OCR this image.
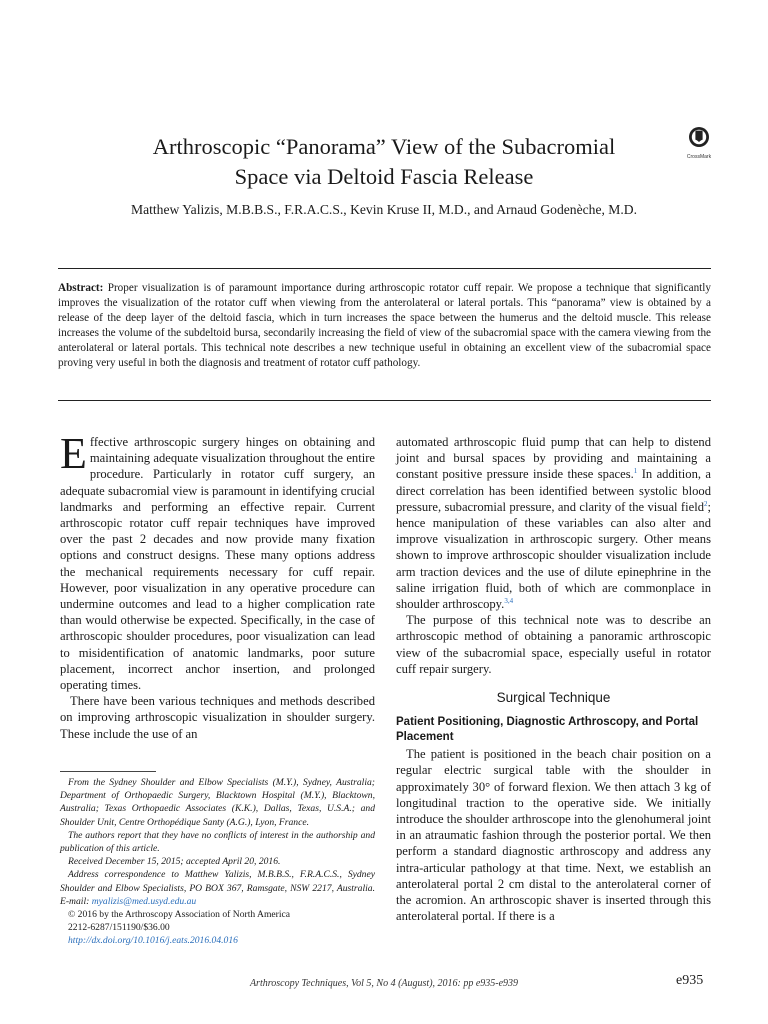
Arthroscopic “Panorama” View of the Subacromial
Space via Deltoid Fascia Release
CrossMark
Matthew Yalizis, M.B.B.S., F.R.A.C.S., Kevin Kruse II, M.D., and Arnaud Godenèche, M.D.
Abstract: Proper visualization is of paramount importance during arthroscopic rotator cuff repair. We propose a technique that significantly improves the visualization of the rotator cuff when viewing from the anterolateral or lateral portals. This “panorama” view is obtained by a release of the deep layer of the deltoid fascia, which in turn increases the space between the humerus and the deltoid muscle. This release increases the volume of the subdeltoid bursa, secondarily increasing the field of view of the subacromial space with the camera viewing from the anterolateral or lateral portals. This technical note describes a new technique useful in obtaining an excellent view of the subacromial space proving very useful in both the diagnosis and treatment of rotator cuff pathology.

Effective arthroscopic surgery hinges on obtaining and maintaining adequate visualization throughout the entire procedure. Particularly in rotator cuff surgery, an adequate subacromial view is paramount in identifying crucial landmarks and performing an effective repair. Current arthroscopic rotator cuff repair techniques have improved over the past 2 decades and now provide many fixation options and construct designs. These many options address the mechanical requirements necessary for cuff repair. However, poor visualization in any operative procedure can undermine outcomes and lead to a higher complication rate than would otherwise be expected. Specifically, in the case of arthroscopic shoulder procedures, poor visualization can lead to misidentification of anatomic landmarks, poor suture placement, incorrect anchor insertion, and prolonged operating times.

There have been various techniques and methods described on improving arthroscopic visualization in shoulder surgery. These include the use of an

From the Sydney Shoulder and Elbow Specialists (M.Y.), Sydney, Australia; Department of Orthopaedic Surgery, Blacktown Hospital (M.Y.), Blacktown, Australia; Texas Orthopaedic Associates (K.K.), Dallas, Texas, U.S.A.; and Shoulder Unit, Centre Orthopédique Santy (A.G.), Lyon, France.

The authors report that they have no conflicts of interest in the authorship and publication of this article.

Received December 15, 2015; accepted April 20, 2016.

Address correspondence to Matthew Yalizis, M.B.B.S., F.R.A.C.S., Sydney Shoulder and Elbow Specialists, PO BOX 367, Ramsgate, NSW 2217, Australia. E-mail: myalizis@med.usyd.edu.au

© 2016 by the Arthroscopy Association of North America

2212-6287/151190/$36.00

http://dx.doi.org/10.1016/j.eats.2016.04.016

automated arthroscopic fluid pump that can help to distend joint and bursal spaces by providing and maintaining a constant positive pressure inside these spaces.$^1$ In addition, a direct correlation has been identified between systolic blood pressure, subacromial pressure, and clarity of the visual field$^2$; hence manipulation of these variables can also alter and improve visualization in arthroscopic surgery. Other means shown to improve arthroscopic shoulder visualization include arm traction devices and the use of dilute epinephrine in the saline irrigation fluid, both of which are commonplace in shoulder arthroscopy.$^{3,4}$

The purpose of this technical note was to describe an arthroscopic method of obtaining a panoramic arthroscopic view of the subacromial space, especially useful in rotator cuff repair surgery.

Surgical Technique
Patient Positioning, Diagnostic Arthroscopy, and Portal Placement

The patient is positioned in the beach chair position on a regular electric surgical table with the shoulder in approximately 30° of forward flexion. We then attach 3 kg of longitudinal traction to the operative side. We initially introduce the shoulder arthroscope into the glenohumeral joint in an atraumatic fashion through the posterior portal. We then perform a standard diagnostic arthroscopy and address any intra-articular pathology at that time. Next, we establish an anterolateral portal 2 cm distal to the anterolateral corner of the acromion. An arthroscopic shaver is inserted through this anterolateral portal. If there is a

Arthroscopy Techniques, Vol 5, No 4 (August), 2016: pp e935-e939	e935
